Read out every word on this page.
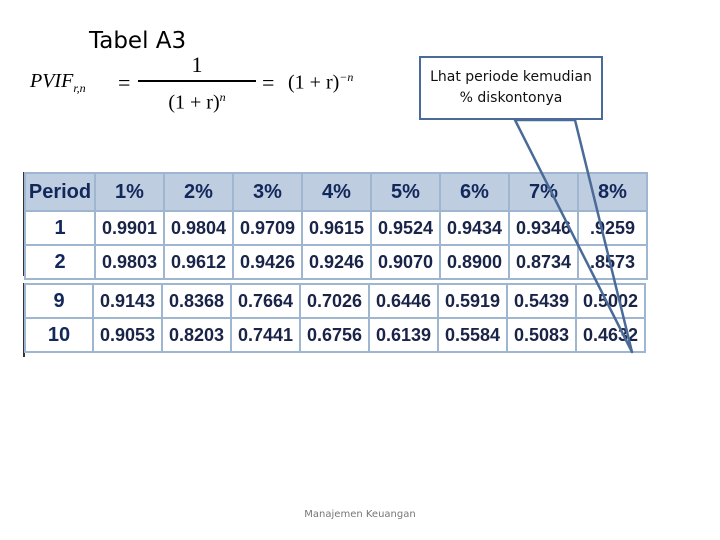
Tabel A3
$PVIF_{r,n}$ =
1
$(1 + r)^n$
= $(1 + r)^{-n}$
Period	1%	2%	3%	4%	5%	6%	7%	8%
1	0.9901	0.9804	0.9709	0.9615	0.9524	0.9434	0.9346	.9259
2	0.9803	0.9612	0.9426	0.9246	0.9070	0.8900	0.8734	.8573
9	0.9143	0.8368	0.7664	0.7026	0.6446	0.5919	0.5439	0.5002
10	0.9053	0.8203	0.7441	0.6756	0.6139	0.5584	0.5083	0.4632
Lhat periode kemudian
% diskontonya
Manajemen Keuangan
